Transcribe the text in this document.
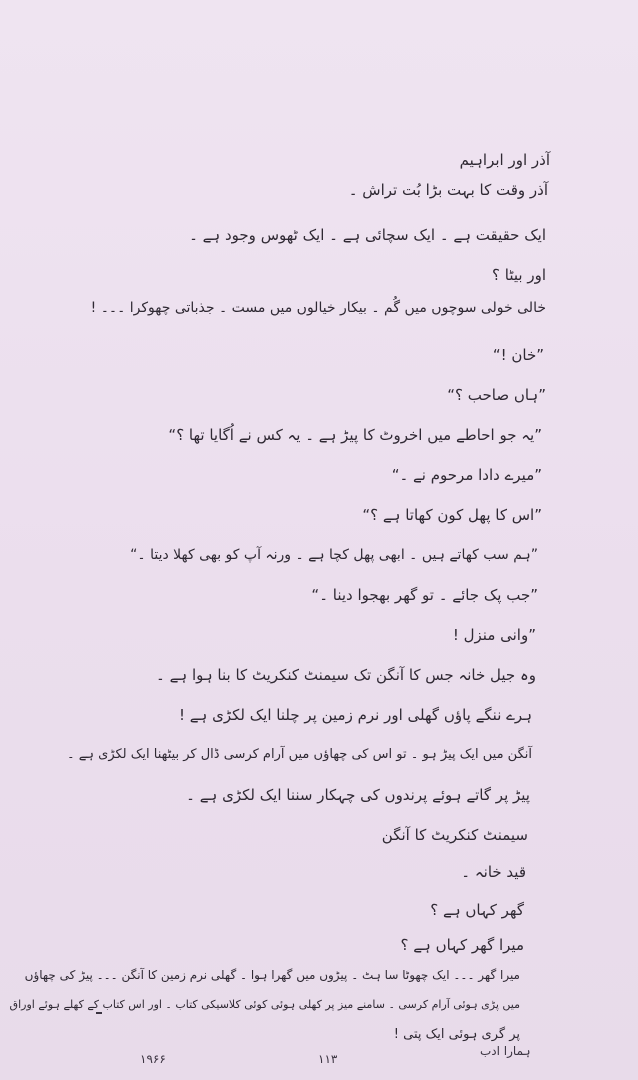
آذر اور ابراہیم
آذر وقت کا بہت بڑا بُت تراش ۔
ایک حقیقت ہے ۔ ایک سچائی ہے ۔ ایک ٹھوس وجود ہے ۔
اور بیٹا ؟
خالی خولی سوچوں میں گُم ۔ بیکار خیالوں میں مست ۔ جذباتی چھوکرا ۔۔۔ !
”خان !“
”ہاں صاحب ؟“
”یہ جو احاطے میں اخروٹ کا پیڑ ہے ۔ یہ کس نے اُگایا تھا ؟“
”میرے دادا مرحوم نے ۔“
”اس کا پھل کون کھاتا ہے ؟“
”ہم سب کھاتے ہیں ۔ ابھی پھل کچا ہے ۔ ورنہ آپ کو بھی کھلا دیتا ۔“
”جب پک جائے ۔ تو گھر بھجوا دینا ۔“
”وانی منزل !
وہ جیل خانہ جس کا آنگن تک سیمنٹ کنکریٹ کا بنا ہوا ہے ۔
ہرے ننگے پاؤں گھلی اور نرم زمین پر چلنا ایک لکڑی ہے !
آنگن میں ایک پیڑ ہو ۔ تو اس کی چھاؤں میں آرام کرسی ڈال کر بیٹھنا ایک لکڑی ہے ۔
پیڑ پر گاتے ہوئے پرندوں کی چہکار سننا ایک لکڑی ہے ۔
سیمنٹ کنکریٹ کا آنگن
قید خانہ ۔
گھر کہاں ہے ؟
میرا گھر کہاں ہے ؟
میرا گھر ۔۔۔ ایک چھوٹا سا ہٹ ۔ پیڑوں میں گھرا ہوا ۔ گھلی نرم زمین کا آنگن ۔۔۔ پیڑ کی چھاؤں
میں پڑی ہوئی آرام کرسی ۔ سامنے میز پر کھلی ہوئی کوئی کلاسیکی کتاب ۔ اور اس کتاب کے کھلے ہوئے اوراق
پر گری ہوئی ایک پتی !
۱۹۶۶	۱۱۳
ہمارا ادب
